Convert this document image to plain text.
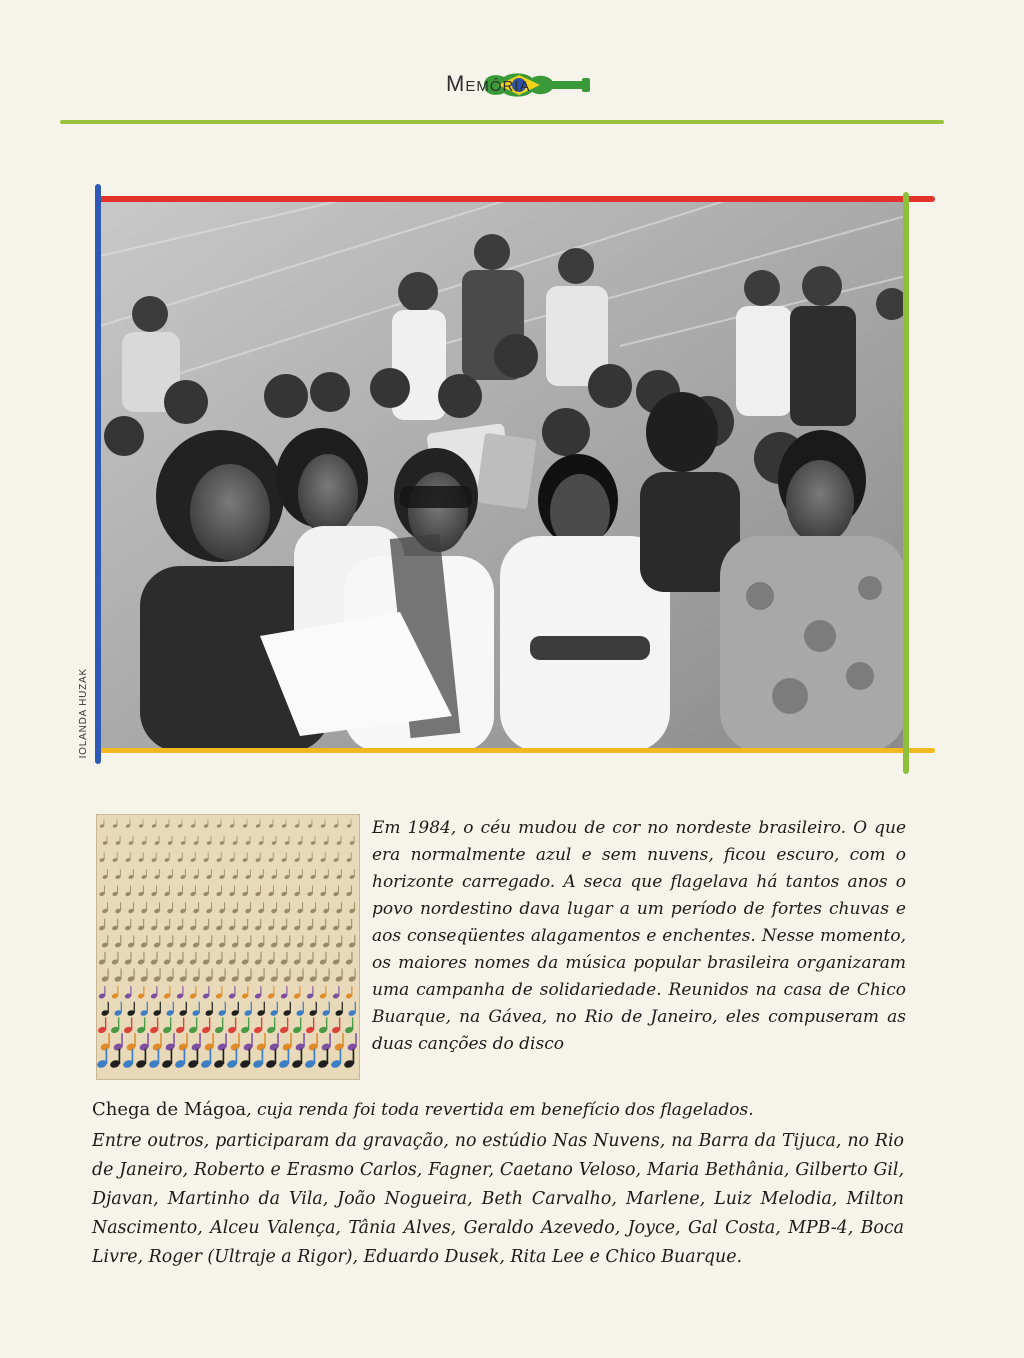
Memória
IOLANDA HUZAK

Em 1984, o céu mudou de cor no nordeste brasileiro. O que era normalmente azul e sem nuvens, ficou escuro, com o horizonte carregado. A seca que flagelava há tantos anos o povo nordestino dava lugar a um período de fortes chuvas e aos conseqüentes alagamentos e enchentes. Nesse momento, os maiores nomes da música popular brasileira organizaram uma campanha de solidariedade. Reunidos na casa de Chico Buarque, na Gávea, no Rio de Janeiro, eles compuseram as duas canções do disco

Chega de Mágoa, cuja renda foi toda revertida em benefício dos flagelados.

Entre outros, participaram da gravação, no estúdio Nas Nuvens, na Barra da Tijuca, no Rio de Janeiro, Roberto e Erasmo Carlos, Fagner, Caetano Veloso, Maria Bethânia, Gilberto Gil, Djavan, Martinho da Vila, João Nogueira, Beth Carvalho, Marlene, Luiz Melodia, Milton Nascimento, Alceu Valença, Tânia Alves, Geraldo Azevedo, Joyce, Gal Costa, MPB-4, Boca Livre, Roger (Ultraje a Rigor), Eduardo Dusek, Rita Lee e Chico Buarque.
